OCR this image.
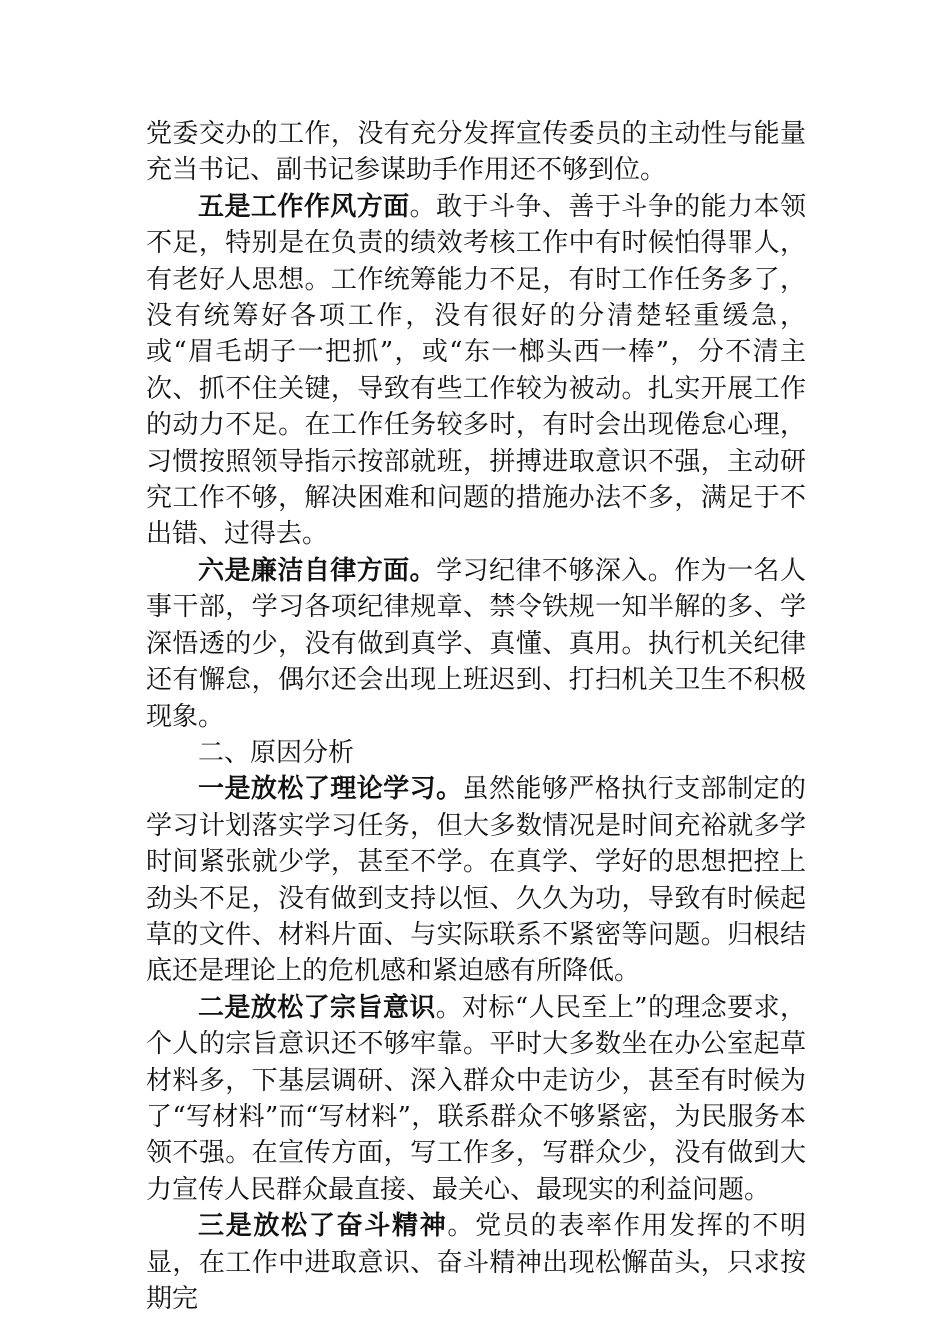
党委交办的工作，没有充分发挥宣传委员的主动性与能量充当书记、副书记参谋助手作用还不够到位。

五是工作作风方面。敢于斗争、善于斗争的能力本领不足，特别是在负责的绩效考核工作中有时候怕得罪人，有老好人思想。工作统筹能力不足，有时工作任务多了，没有统筹好各项工作，没有很好的分清楚轻重缓急，或“眉毛胡子一把抓”，或“东一榔头西一棒”，分不清主次、抓不住关键，导致有些工作较为被动。扎实开展工作的动力不足。在工作任务较多时，有时会出现倦怠心理，习惯按照领导指示按部就班，拼搏进取意识不强，主动研究工作不够，解决困难和问题的措施办法不多，满足于不出错、过得去。

六是廉洁自律方面。学习纪律不够深入。作为一名人事干部，学习各项纪律规章、禁令铁规一知半解的多、学深悟透的少，没有做到真学、真懂、真用。执行机关纪律还有懈怠，偶尔还会出现上班迟到、打扫机关卫生不积极现象。

二、原因分析

一是放松了理论学习。虽然能够严格执行支部制定的学习计划落实学习任务，但大多数情况是时间充裕就多学时间紧张就少学，甚至不学。在真学、学好的思想把控上劲头不足，没有做到支持以恒、久久为功，导致有时候起草的文件、材料片面、与实际联系不紧密等问题。归根结底还是理论上的危机感和紧迫感有所降低。

二是放松了宗旨意识。对标“人民至上”的理念要求，个人的宗旨意识还不够牢靠。平时大多数坐在办公室起草材料多，下基层调研、深入群众中走访少，甚至有时候为了“写材料”而“写材料”，联系群众不够紧密，为民服务本领不强。在宣传方面，写工作多，写群众少，没有做到大力宣传人民群众最直接、最关心、最现实的利益问题。

三是放松了奋斗精神。党员的表率作用发挥的不明显，在工作中进取意识、奋斗精神出现松懈苗头，只求按期完
